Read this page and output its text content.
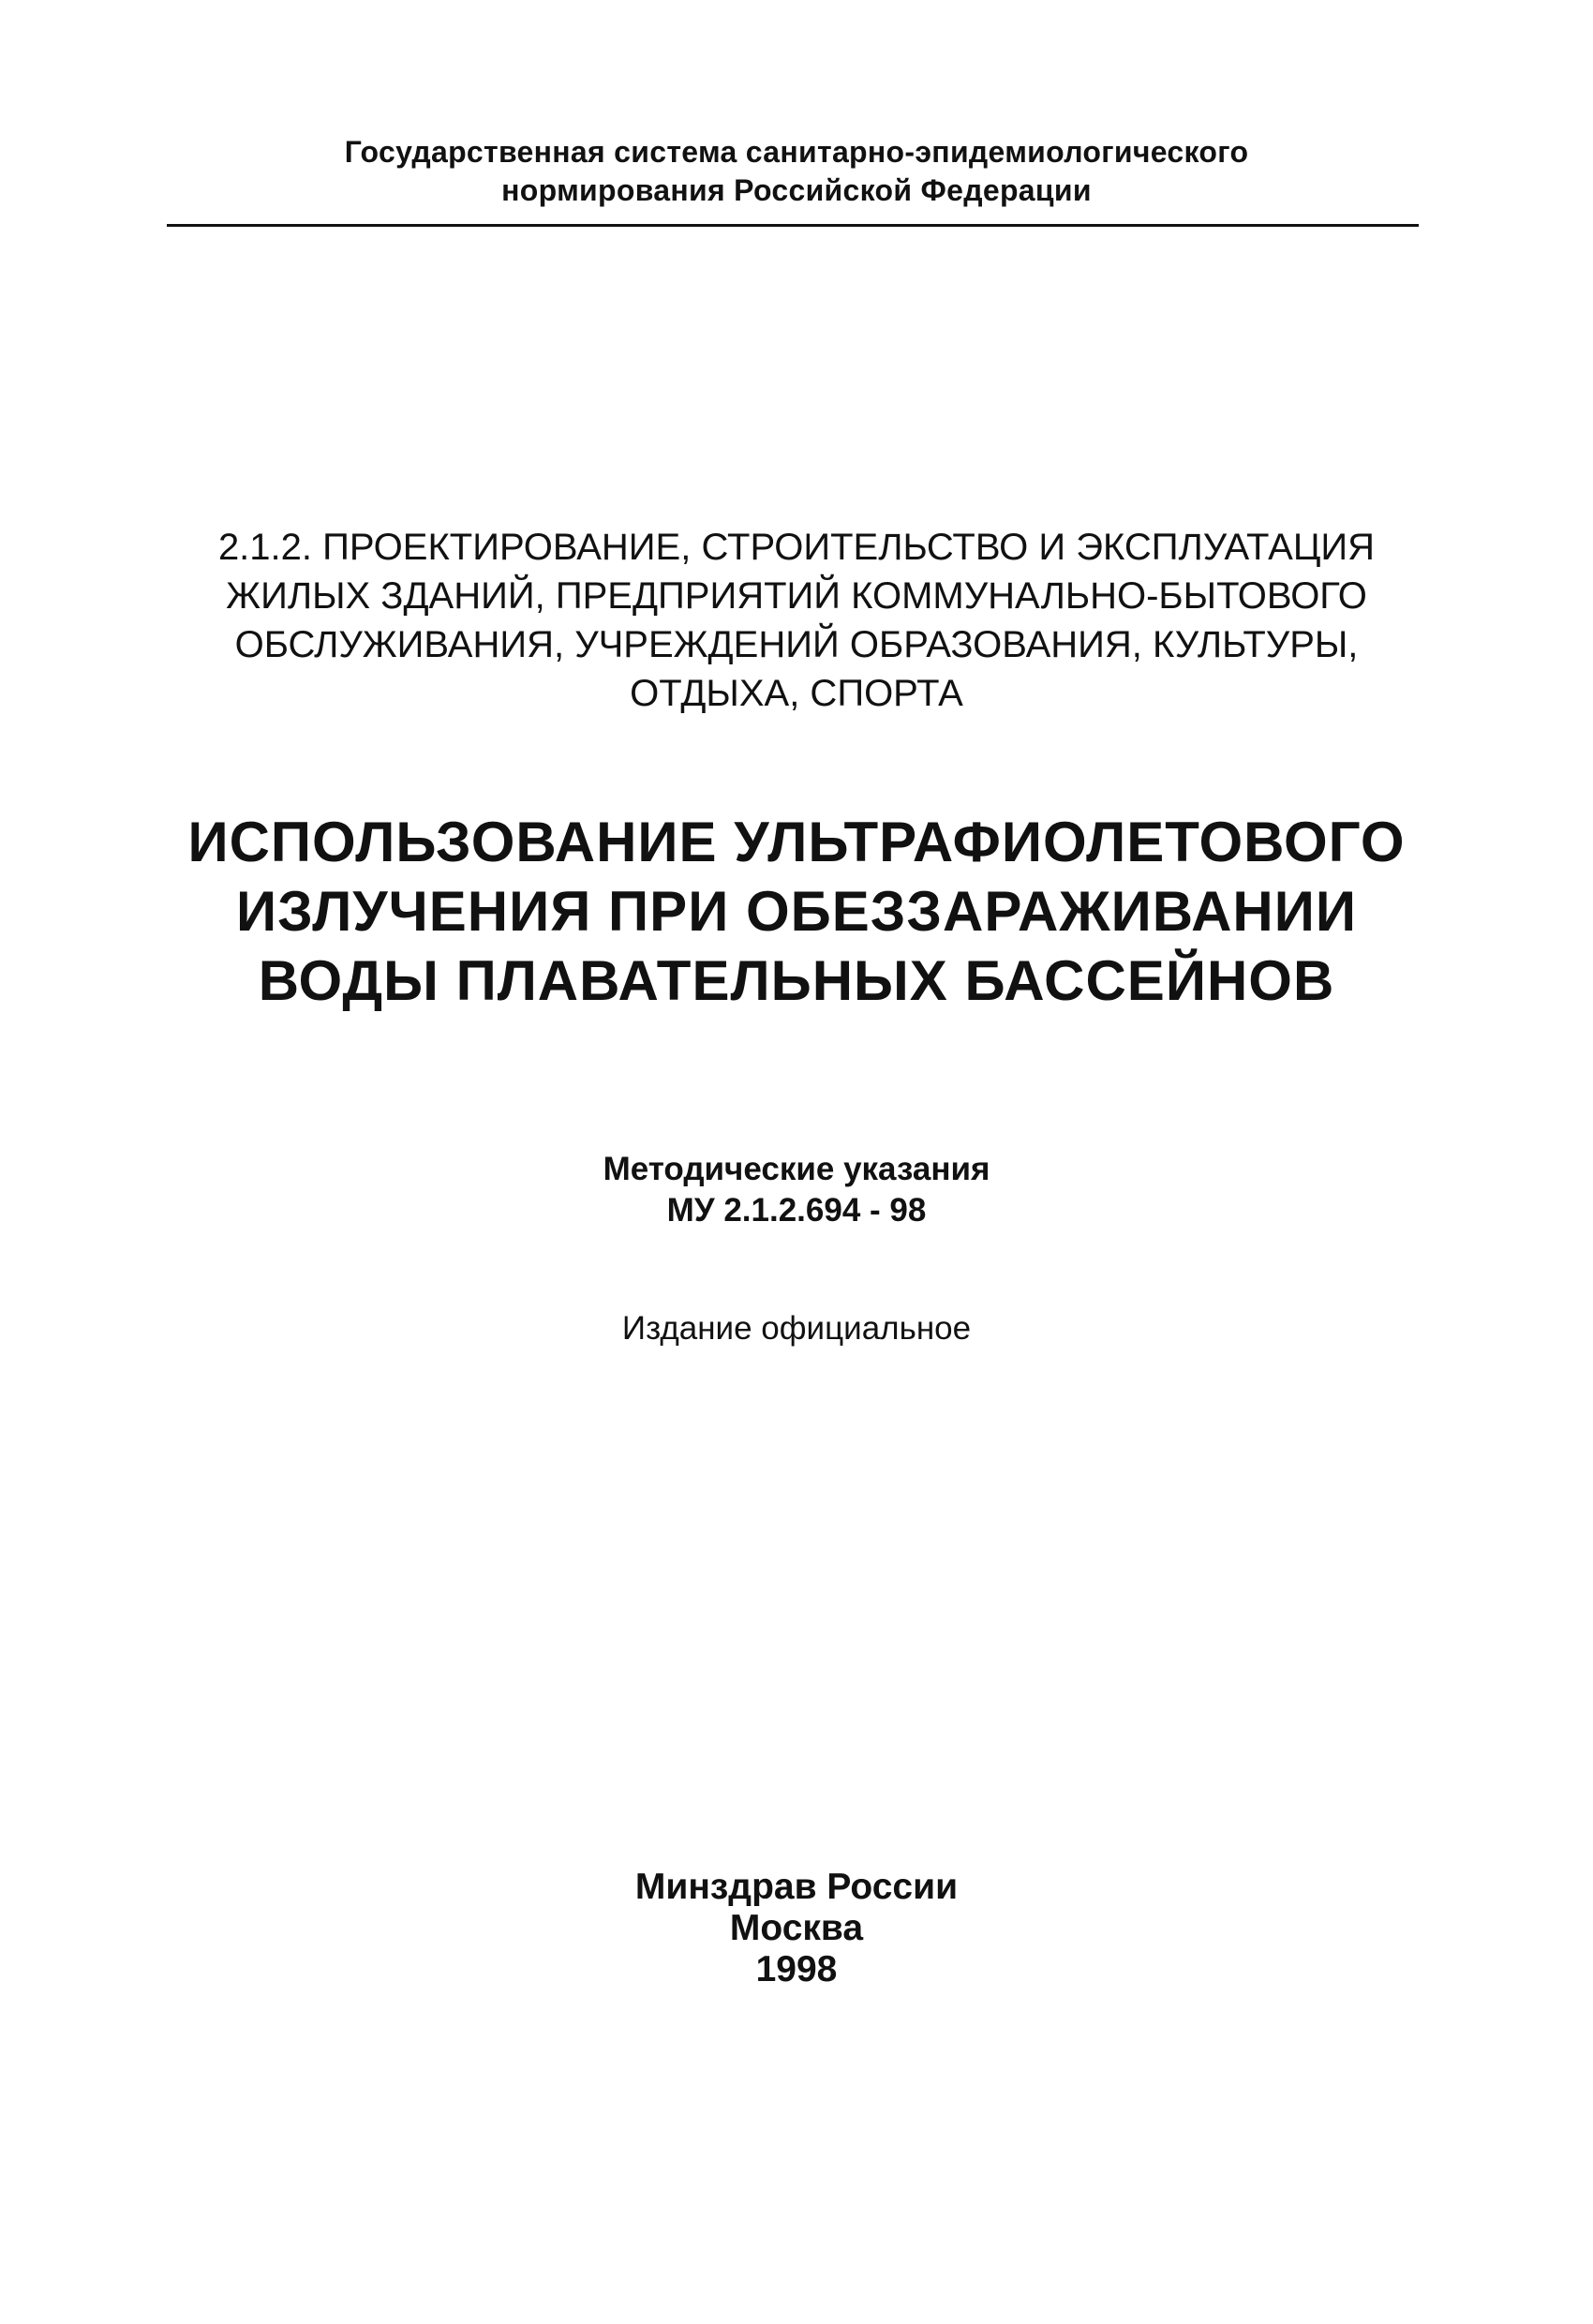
Государственная система санитарно-эпидемиологического
нормирования Российской Федерации
2.1.2. ПРОЕКТИРОВАНИЕ, СТРОИТЕЛЬСТВО И ЭКСПЛУАТАЦИЯ
ЖИЛЫХ ЗДАНИЙ, ПРЕДПРИЯТИЙ КОММУНАЛЬНО-БЫТОВОГО
ОБСЛУЖИВАНИЯ, УЧРЕЖДЕНИЙ ОБРАЗОВАНИЯ, КУЛЬТУРЫ,
ОТДЫХА, СПОРТА
ИСПОЛЬЗОВАНИЕ УЛЬТРАФИОЛЕТОВОГО
ИЗЛУЧЕНИЯ ПРИ ОБЕЗЗАРАЖИВАНИИ
ВОДЫ ПЛАВАТЕЛЬНЫХ БАССЕЙНОВ
Методические указания
МУ 2.1.2.694 - 98
Издание официальное
Минздрав России
Москва
1998
